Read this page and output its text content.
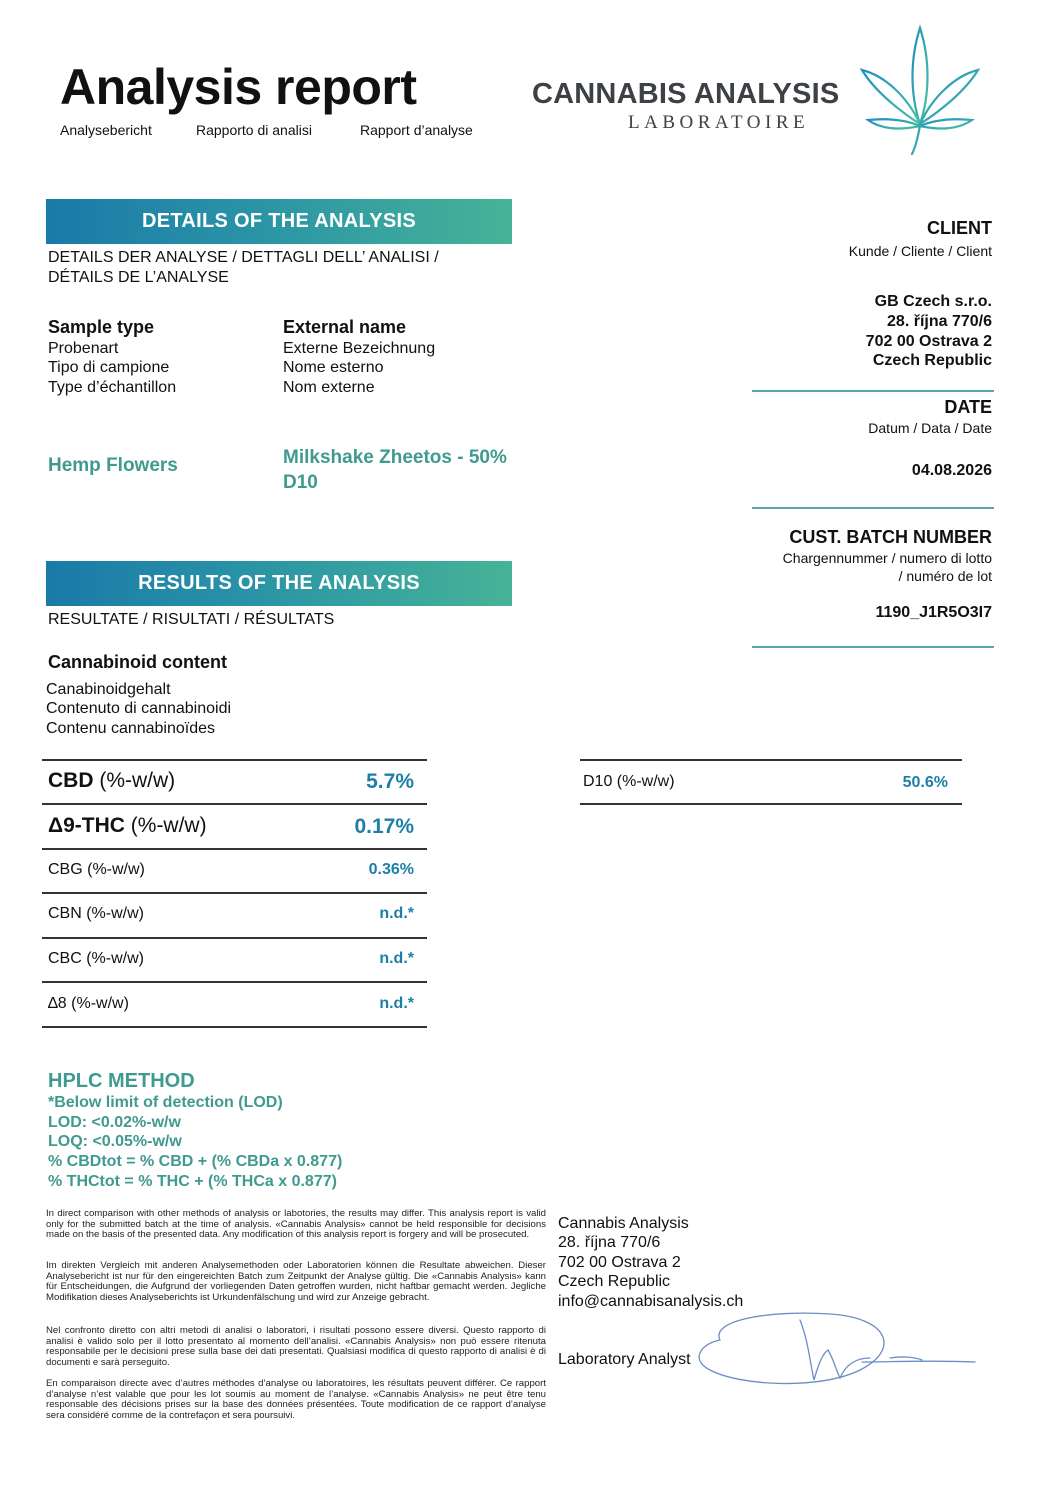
Analysis report
Analysebericht	Rapporto di analisi	Rapport d’analyse
CANNABIS ANALYSIS
LABORATOIRE
DETAILS OF THE ANALYSIS
DETAILS DER ANALYSE / DETTAGLI DELL’ ANALISI /
DÉTAILS DE L’ANALYSE
Sample type
Probenart
Tipo di campione
Type d’échantillon
External name
Externe Bezeichnung
Nome esterno
Nom externe
Hemp Flowers	Milkshake Zheetos - 50%
D10
CLIENT
Kunde / Cliente / Client
GB Czech s.r.o.
28. října 770/6
702 00 Ostrava 2
Czech Republic
DATE
Datum / Data / Date
04.08.2026
CUST. BATCH NUMBER
Chargennummer / numero di lotto
/ numéro de lot
1190_J1R5O3I7
RESULTS OF THE ANALYSIS
RESULTATE / RISULTATI / RÉSULTATS
Cannabinoid content
Canabinoidgehalt
Contenuto di cannabinoidi
Contenu cannabinoïdes
CBD (%-w/w)	5.7%
Δ9-THC (%-w/w)	0.17%
CBG (%-w/w)	0.36%
CBN (%-w/w)	n.d.*
CBC (%-w/w)	n.d.*
∆8 (%-w/w)	n.d.*
D10 (%-w/w)	50.6%
HPLC METHOD
*Below limit of detection (LOD)
LOD: <0.02%-w/w
LOQ: <0.05%-w/w
% CBDtot = % CBD + (% CBDa x 0.877)
% THCtot = % THC + (% THCa x 0.877)
In direct comparison with other methods of analysis or labotories, the results may differ. This analysis report is valid only for the submitted batch at the time of analysis. «Cannabis Analysis» cannot be held responsible for decisions made on the basis of the presented data. Any modification of this analysis report is forgery and will be prosecuted.
Im direkten Vergleich mit anderen Analysemethoden oder Laboratorien können die Resultate abweichen. Dieser Analysebericht ist nur für den eingereichten Batch zum Zeitpunkt der Analyse gültig. Die «Cannabis Analysis» kann für Entscheidungen, die Aufgrund der vorliegenden Daten getroffen wurden, nicht haftbar gemacht werden. Jegliche Modifikation dieses Analyseberichts ist Urkundenfälschung und wird zur Anzeige gebracht.
Nel confronto diretto con altri metodi di analisi o laboratori, i risultati possono essere diversi. Questo rapporto di analisi è valido solo per il lotto presentato al momento dell’analisi. «Cannabis Analysis» non può essere ritenuta responsabile per le decisioni prese sulla base dei dati presentati. Qualsiasi modifica di questo rapporto di analisi è di documenti e sarà perseguito.
En comparaison directe avec d’autres méthodes d’analyse ou laboratoires, les résultats peuvent différer. Ce rapport d’analyse n’est valable que pour les lot soumis au moment de l’analyse. «Cannabis Analysis» ne peut être tenu responsable des décisions prises sur la base des données présentées. Toute modification de ce rapport d’analyse sera considéré comme de la contrefaçon et sera poursuivi.
Cannabis Analysis
28. října 770/6
702 00 Ostrava 2
Czech Republic
info@cannabisanalysis.ch
Laboratory Analyst
